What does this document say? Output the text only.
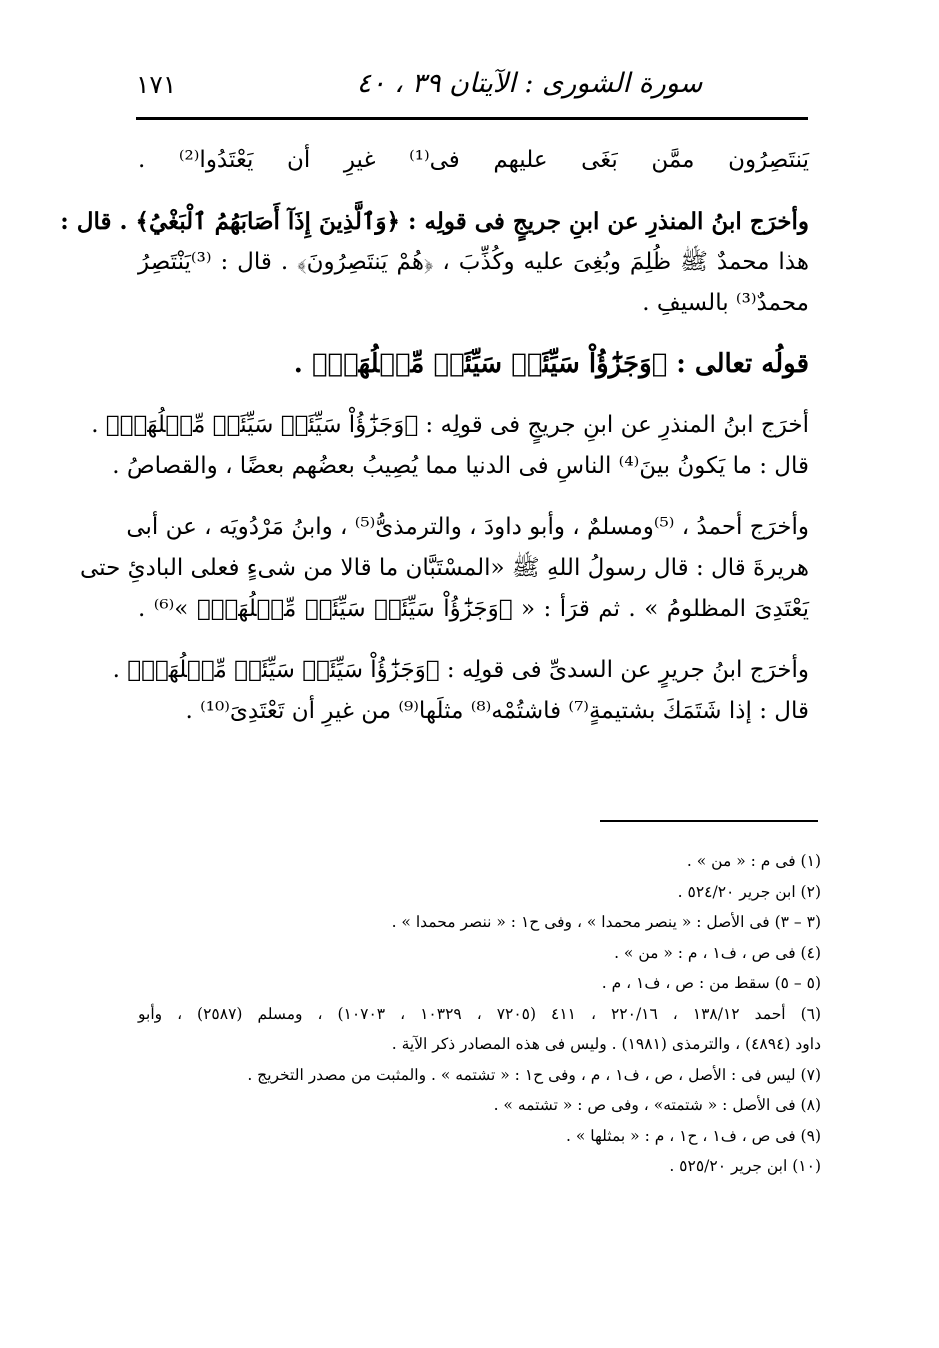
سورة الشورى : الآيتان ٣٩ ، ٤٠
١٧١
يَنتَصِرُون ممَّن بَغَى عليهم فى⁽¹⁾ غيرِ أن يَعْتَدُوا⁽²⁾ .
وأخرَج ابنُ المنذرِ عن ابنِ جريجٍ فى قولِه : ﴿وَٱلَّذِينَ إِذَآ أَصَابَهُمُ ٱلْبَغْيُ﴾ . قال :
هذا محمدٌ ﷺ ظُلِمَ وبُغِىَ عليه وكُذِّبَ ، ﴿هُمْ يَنتَصِرُونَ﴾ . قال : ⁽³⁾يَنْتَصِرُ
محمدٌ⁽³⁾ بالسيفِ .
قولُه تعالى : ﴿وَجَزَٰٓؤُاْ سَيِّئَةٖ سَيِّئَةٞ مِّثۡلُهَاۖ﴾ .
أخرَج ابنُ المنذرِ عن ابنِ جريجٍ فى قولِه : ﴿وَجَزَٰٓؤُاْ سَيِّئَةٖ سَيِّئَةٞ مِّثۡلُهَاۖ﴾ .
قال : ما يَكونُ بينَ⁽⁴⁾ الناسِ فى الدنيا مما يُصِيبُ بعضُهم بعضًا ، والقصاصُ .
وأخرَج أحمدُ ، ⁽⁵⁾ومسلمٌ ، وأبو داودَ ، والترمذىُّ⁽⁵⁾ ، وابنُ مَرْدُويَه ، عن أبى
هريرةَ قال : قال رسولُ اللهِ ﷺ «المسْتَبَّان ما قالا من شىءٍ فعلى البادئِ حتى
يَعْتَدِىَ المظلومُ » . ثم قرَأ : « ﴿وَجَزَٰٓؤُاْ سَيِّئَةٖ سَيِّئَةٞ مِّثۡلُهَاۖ﴾ »⁽⁶⁾ .
وأخرَج ابنُ جريرٍ عن السدىِّ فى قولِه : ﴿وَجَزَٰٓؤُاْ سَيِّئَةٖ سَيِّئَةٞ مِّثۡلُهَاۖ﴾ .
قال : إذا شَتَمَكَ بشتيمةٍ⁽⁷⁾ فاشتُمْه⁽⁸⁾ مثلَها⁽⁹⁾ من غيرِ أن تَعْتَدِىَ⁽¹⁰⁾ .
(١) فى م : « من » .
(٢) ابن جرير ٥٢٤/٢٠ .
(٣ – ٣) فى الأصل : « ينصر محمدا » ، وفى ح١ : « ننصر محمدا » .
(٤) فى ص ، ف١ ، م : « من » .
(٥ – ٥) سقط من : ص ، ف١ ، م .
(٦) أحمد ١٣٨/١٢ ، ٢٢٠/١٦ ، ٤١١ (٧٢٠٥ ، ١٠٣٢٩ ، ١٠٧٠٣) ، ومسلم (٢٥٨٧) ، وأبو
داود (٤٨٩٤) ، والترمذى (١٩٨١) . وليس فى هذه المصادر ذكر الآية .
(٧) ليس فى : الأصل ، ص ، ف١ ، م ، وفى ح١ : « تشتمه » . والمثبت من مصدر التخريج .
(٨) فى الأصل : « شتمته» ، وفى ص : « تشتمه » .
(٩) فى ص ، ف١ ، ح١ ، م : « بمثلها » .
(١٠) ابن جرير ٥٢٥/٢٠ .
